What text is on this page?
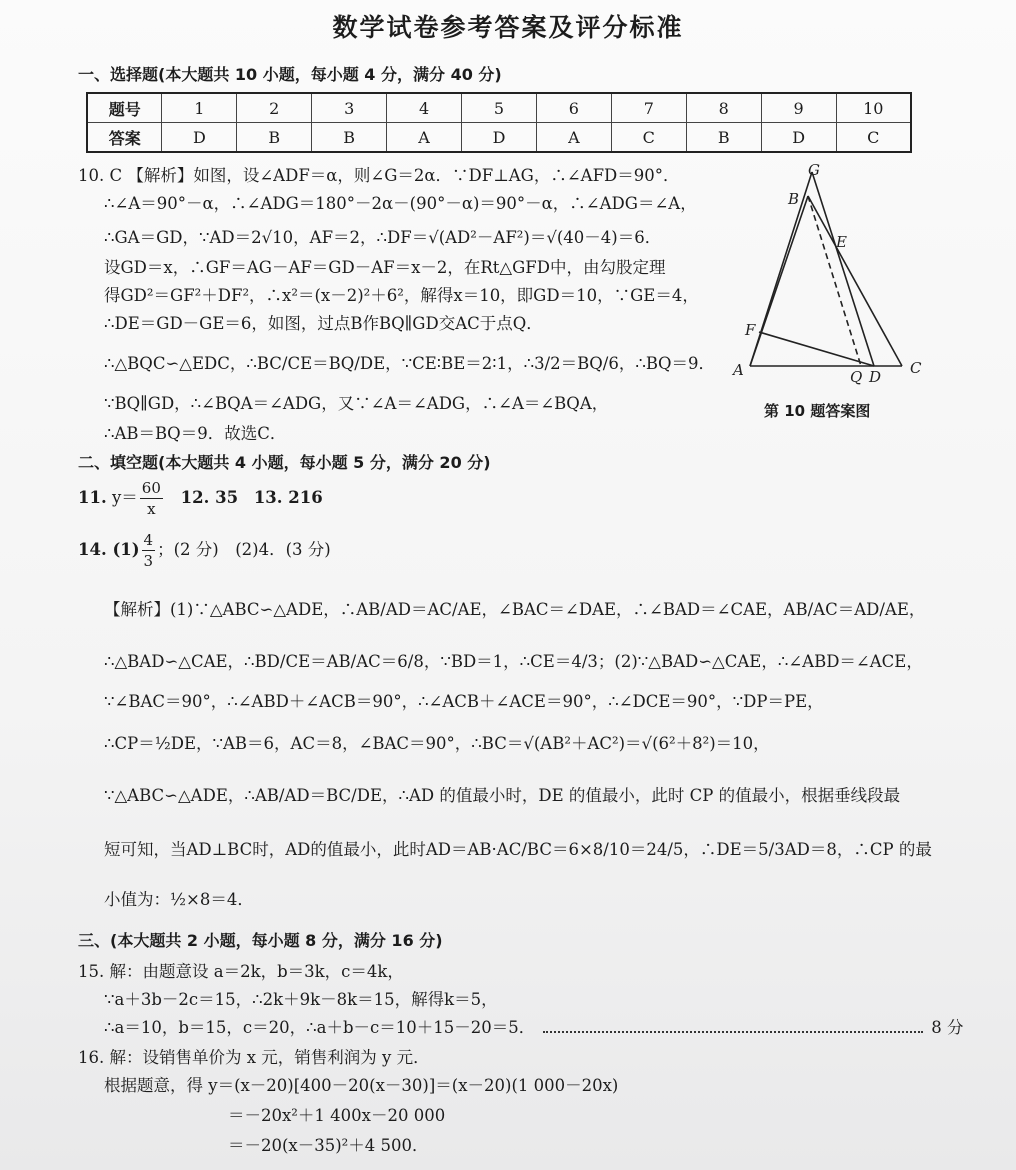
数学试卷参考答案及评分标准
一、选择题(本大题共 10 小题，每小题 4 分，满分 40 分)
题号	1	2	3	4	5	6	7	8	9	10
答案	D	B	B	A	D	A	C	B	D	C
10. C 【解析】如图，设∠ADF＝α，则∠G＝2α．∵DF⊥AG，∴∠AFD＝90°．
∴∠A＝90°－α，∴∠ADG＝180°－2α－(90°－α)＝90°－α，∴∠ADG＝∠A，
∴GA＝GD，∵AD＝2√10，AF＝2，∴DF＝√(AD²－AF²)＝√(40－4)＝6．
设GD＝x，∴GF＝AG－AF＝GD－AF＝x－2，在Rt△GFD中，由勾股定理
得GD²＝GF²＋DF²，∴x²＝(x－2)²＋6²，解得x＝10，即GD＝10，∵GE＝4，
∴DE＝GD－GE＝6，如图，过点B作BQ∥GD交AC于点Q．
∴△BQC∽△EDC，∴BC/CE＝BQ/DE，∵CE∶BE＝2∶1，∴3/2＝BQ/6，∴BQ＝9．
∵BQ∥GD，∴∠BQA＝∠ADG，又∵∠A＝∠ADG，∴∠A＝∠BQA，
∴AB＝BQ＝9．故选C．
G
B
E
F
A	Q D C
第 10 题答案图
二、填空题(本大题共 4 小题，每小题 5 分，满分 20 分)
11. $y= \frac{60}{x} 12$. 35 13. 216
14. $(1) \frac{4}{3}$ ；(2 分)　(2)4．(3 分)
【解析】(1)∵△ABC∽△ADE，∴AB/AD＝AC/AE，∠BAC＝∠DAE，∴∠BAD＝∠CAE，AB/AC＝AD/AE，
∴△BAD∽△CAE，∴BD/CE＝AB/AC＝6/8，∵BD＝1，∴CE＝4/3；(2)∵△BAD∽△CAE，∴∠ABD＝∠ACE，
∵∠BAC＝90°，∴∠ABD＋∠ACB＝90°，∴∠ACB＋∠ACE＝90°，∴∠DCE＝90°，∵DP＝PE，
∴CP＝½DE，∵AB＝6，AC＝8，∠BAC＝90°，∴BC＝√(AB²＋AC²)＝√(6²＋8²)＝10，
∵△ABC∽△ADE，∴AB/AD＝BC/DE，∴AD 的值最小时，DE 的值最小，此时 CP 的值最小，根据垂线段最
短可知，当AD⊥BC时，AD的值最小，此时AD＝AB·AC/BC＝6×8/10＝24/5，∴DE＝5/3AD＝8，∴CP 的最
小值为：½×8＝4．
三、(本大题共 2 小题，每小题 8 分，满分 16 分)
15. 解：由题意设 a＝2k，b＝3k，c＝4k，
∵a＋3b－2c＝15，∴2k＋9k－8k＝15，解得k＝5，
∴a＝10，b＝15，c＝20，∴a＋b－c＝10＋15－20＝5．	8 分
16. 解：设销售单价为 x 元，销售利润为 y 元．
根据题意，得 y＝(x－20)[400－20(x－30)]＝(x－20)(1 000－20x)
＝－20x²＋1 400x－20 000
＝－20(x－35)²＋4 500．
